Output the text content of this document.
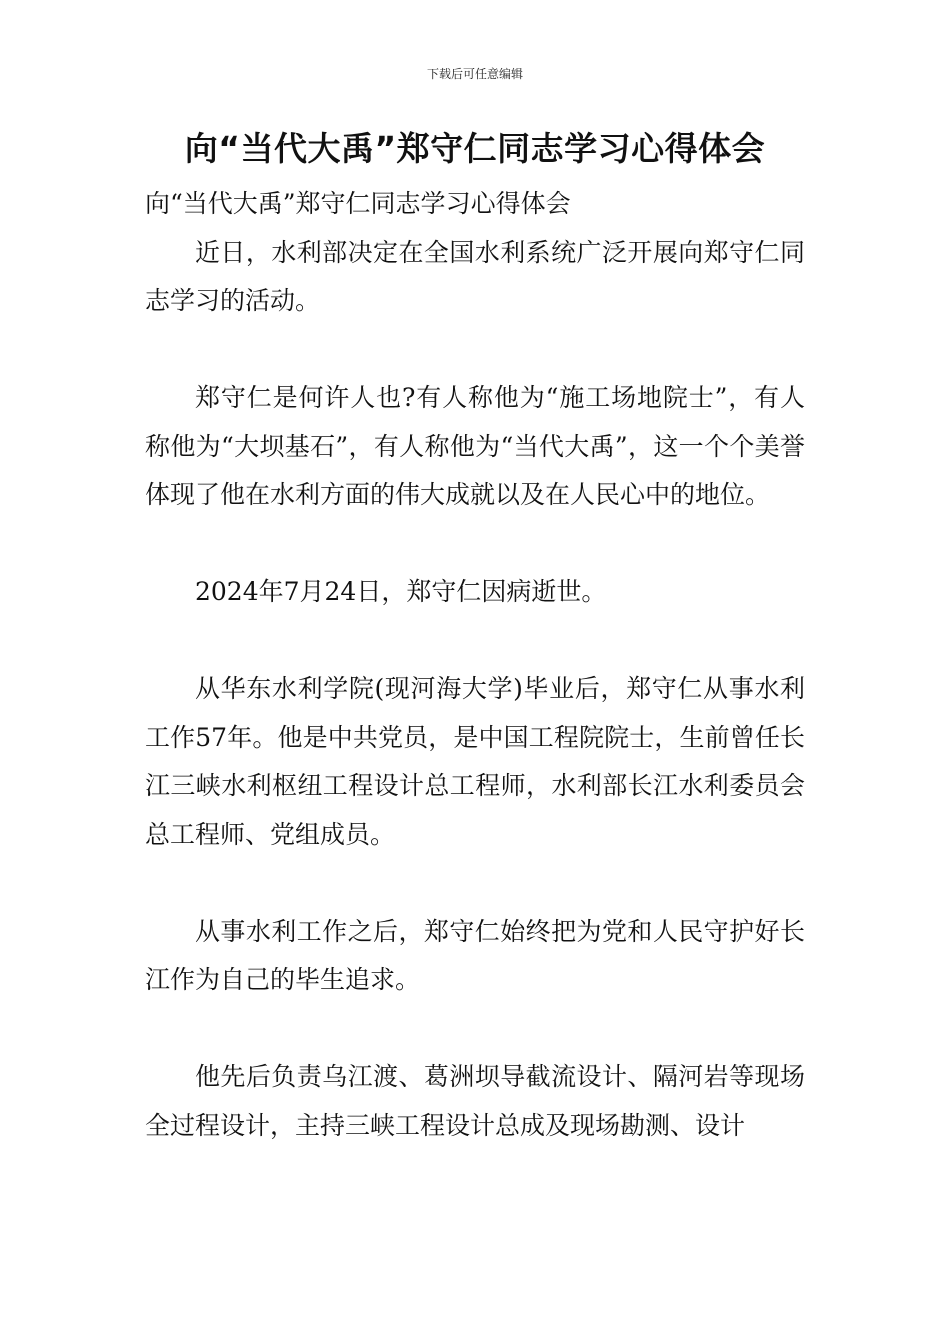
下载后可任意编辑
向“当代大禹”郑守仁同志学习心得体会

向“当代大禹”郑守仁同志学习心得体会

近日，水利部决定在全国水利系统广泛开展向郑守仁同志学习的活动。

郑守仁是何许人也?有人称他为“施工场地院士”，有人称他为“大坝基石”，有人称他为“当代大禹”，这一个个美誉体现了他在水利方面的伟大成就以及在人民心中的地位。

2024年7月24日，郑守仁因病逝世。

从华东水利学院(现河海大学)毕业后，郑守仁从事水利工作57年。他是中共党员，是中国工程院院士，生前曾任长江三峡水利枢纽工程设计总工程师，水利部长江水利委员会总工程师、党组成员。

从事水利工作之后，郑守仁始终把为党和人民守护好长江作为自己的毕生追求。

他先后负责乌江渡、葛洲坝导截流设计、隔河岩等现场全过程设计，主持三峡工程设计总成及现场勘测、设计
